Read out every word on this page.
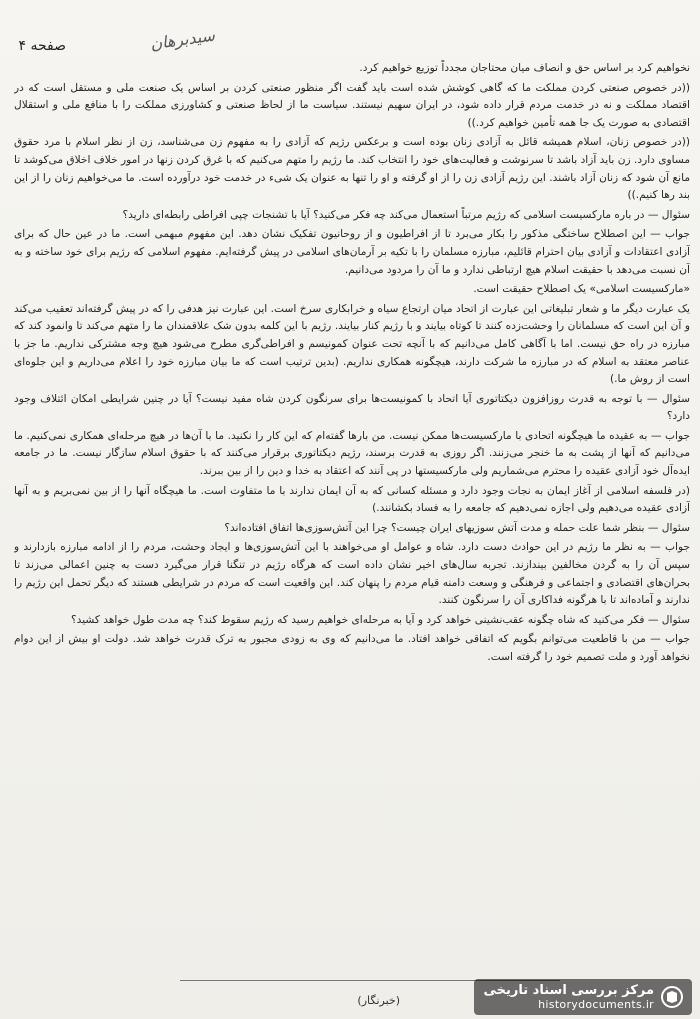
سیدبرهان
صفحه ۴

نخواهیم کرد بر اساس حق و انصاف میان محتاجان مجدداً توزیع خواهیم کرد.

((در خصوص صنعتی کردن مملکت ما که گاهی کوشش شده است باید گفت اگر منظور صنعتی کردن بر اساس یک صنعت ملی و مستقل است که در اقتصاد مملکت و نه در خدمت مردم قرار داده شود، در ایران سهیم نیستند. سیاست ما از لحاظ صنعتی و کشاورزی مملکت را با منافع ملی و استقلال اقتصادی به صورت یک جا همه تأمین خواهیم کرد.))

((در خصوص زنان، اسلام همیشه قائل به آزادی زنان بوده است و برعکس رژیم که آزادی را به مفهوم زن می‌شناسد، زن از نظر اسلام با مرد حقوق مساوی دارد. زن باید آزاد باشد تا سرنوشت و فعالیت‌های خود را انتخاب کند. ما رژیم را متهم می‌کنیم که با غرق کردن زنها در امور خلاف اخلاق می‌کوشد تا مانع آن شود که زنان آزاد باشند. این رژیم آزادی زن را از او گرفته و او را تنها به عنوان یک شیء در خدمت خود درآورده است. ما می‌خواهیم زنان را از این بند رها کنیم.))

سئوال — در باره مارکسیست اسلامی که رژیم مرتباً استعمال می‌کند چه فکر می‌کنید؟ آیا با تشنجات چپی افراطی رابطه‌ای دارید؟

جواب — این اصطلاح ساختگی مذکور را بکار می‌برد تا از افراطیون و از روحانیون تفکیک نشان دهد. این مفهوم مبهمی است. ما در عین حال که برای آزادی اعتقادات و آزادی بیان احترام قائلیم، مبارزه مسلمان را با تکیه بر آرمان‌های اسلامی در پیش گرفته‌ایم. مفهوم اسلامی که رژیم برای خود ساخته و به آن نسبت می‌دهد با حقیقت اسلام هیچ ارتباطی ندارد و ما آن را مردود می‌دانیم.

«مارکسیست اسلامی» یک اصطلاح حقیقت است.

یک عبارت دیگر ما و شعار تبلیغاتی این عبارت از اتحاد میان ارتجاع سیاه و خرابکاری سرخ است. این عبارت نیز هدفی را که در پیش گرفته‌اند تعقیب می‌کند و آن این است که مسلمانان را وحشت‌زده کنند تا کوتاه بیایند و با رژیم کنار بیایند. رژیم با این کلمه بدون شک علاقمندان ما را متهم می‌کند تا وانمود کند که مبارزه در راه حق نیست. اما با آگاهی کامل می‌دانیم که با آنچه تحت عنوان کمونیسم و افراطی‌گری مطرح می‌شود هیچ وجه مشترکی نداریم. ما جز با عناصر معتقد به اسلام که در مبارزه ما شرکت دارند، هیچگونه همکاری نداریم. (بدین ترتیب است که ما بیان مبارزه خود را اعلام می‌داریم و این جلوه‌ای است از روش ما.)

سئوال — با توجه به قدرت روزافزون دیکتاتوری آیا اتحاد با کمونیست‌ها برای سرنگون کردن شاه مفید نیست؟ آیا در چنین شرایطی امکان ائتلاف وجود دارد؟

جواب — به عقیده ما هیچگونه اتحادی با مارکسیست‌ها ممکن نیست. من بارها گفته‌ام که این کار را نکنید. ما با آن‌ها در هیچ مرحله‌ای همکاری نمی‌کنیم. ما می‌دانیم که آنها از پشت به ما خنجر می‌زنند. اگر روزی به قدرت برسند، رژیم دیکتاتوری برقرار می‌کنند که با حقوق اسلام سازگار نیست. ما در جامعه ایده‌آل خود آزادی عقیده را محترم می‌شماریم ولی مارکسیستها در پی آنند که اعتقاد به خدا و دین را از بین ببرند.

(در فلسفه اسلامی از آغاز ایمان به نجات وجود دارد و مسئله کسانی که به آن ایمان ندارند با ما متفاوت است. ما هیچگاه آنها را از بین نمی‌بریم و به آنها آزادی عقیده می‌دهیم ولی اجازه نمی‌دهیم که جامعه را به فساد بکشانند.)

سئوال — بنظر شما علت حمله و مدت آتش سوزیهای ایران چیست؟ چرا این آتش‌سوزی‌ها اتفاق افتاده‌اند؟

جواب — به نظر ما رژیم در این حوادث دست دارد. شاه و عوامل او می‌خواهند با این آتش‌سوزی‌ها و ایجاد وحشت، مردم را از ادامه مبارزه بازدارند و سپس آن را به گردن مخالفین بیندازند. تجربه سال‌های اخیر نشان داده است که هرگاه رژیم در تنگنا قرار می‌گیرد دست به چنین اعمالی می‌زند تا بحران‌های اقتصادی و اجتماعی و فرهنگی و وسعت دامنه قیام مردم را پنهان کند. این واقعیت است که مردم در شرایطی هستند که دیگر تحمل این رژیم را ندارند و آماده‌اند تا با هرگونه فداکاری آن را سرنگون کنند.

سئوال — فکر می‌کنید که شاه چگونه عقب‌نشینی خواهد کرد و آیا به مرحله‌ای خواهیم رسید که رژیم سقوط کند؟ چه مدت طول خواهد کشید؟

جواب — من با قاطعیت می‌توانم بگویم که اتفاقی خواهد افتاد. ما می‌دانیم که وی به زودی مجبور به ترک قدرت خواهد شد. دولت او بیش از این دوام نخواهد آورد و ملت تصمیم خود را گرفته است.

(خبرنگار)
مرکز بررسی اسناد تاریخی
historydocuments.ir
